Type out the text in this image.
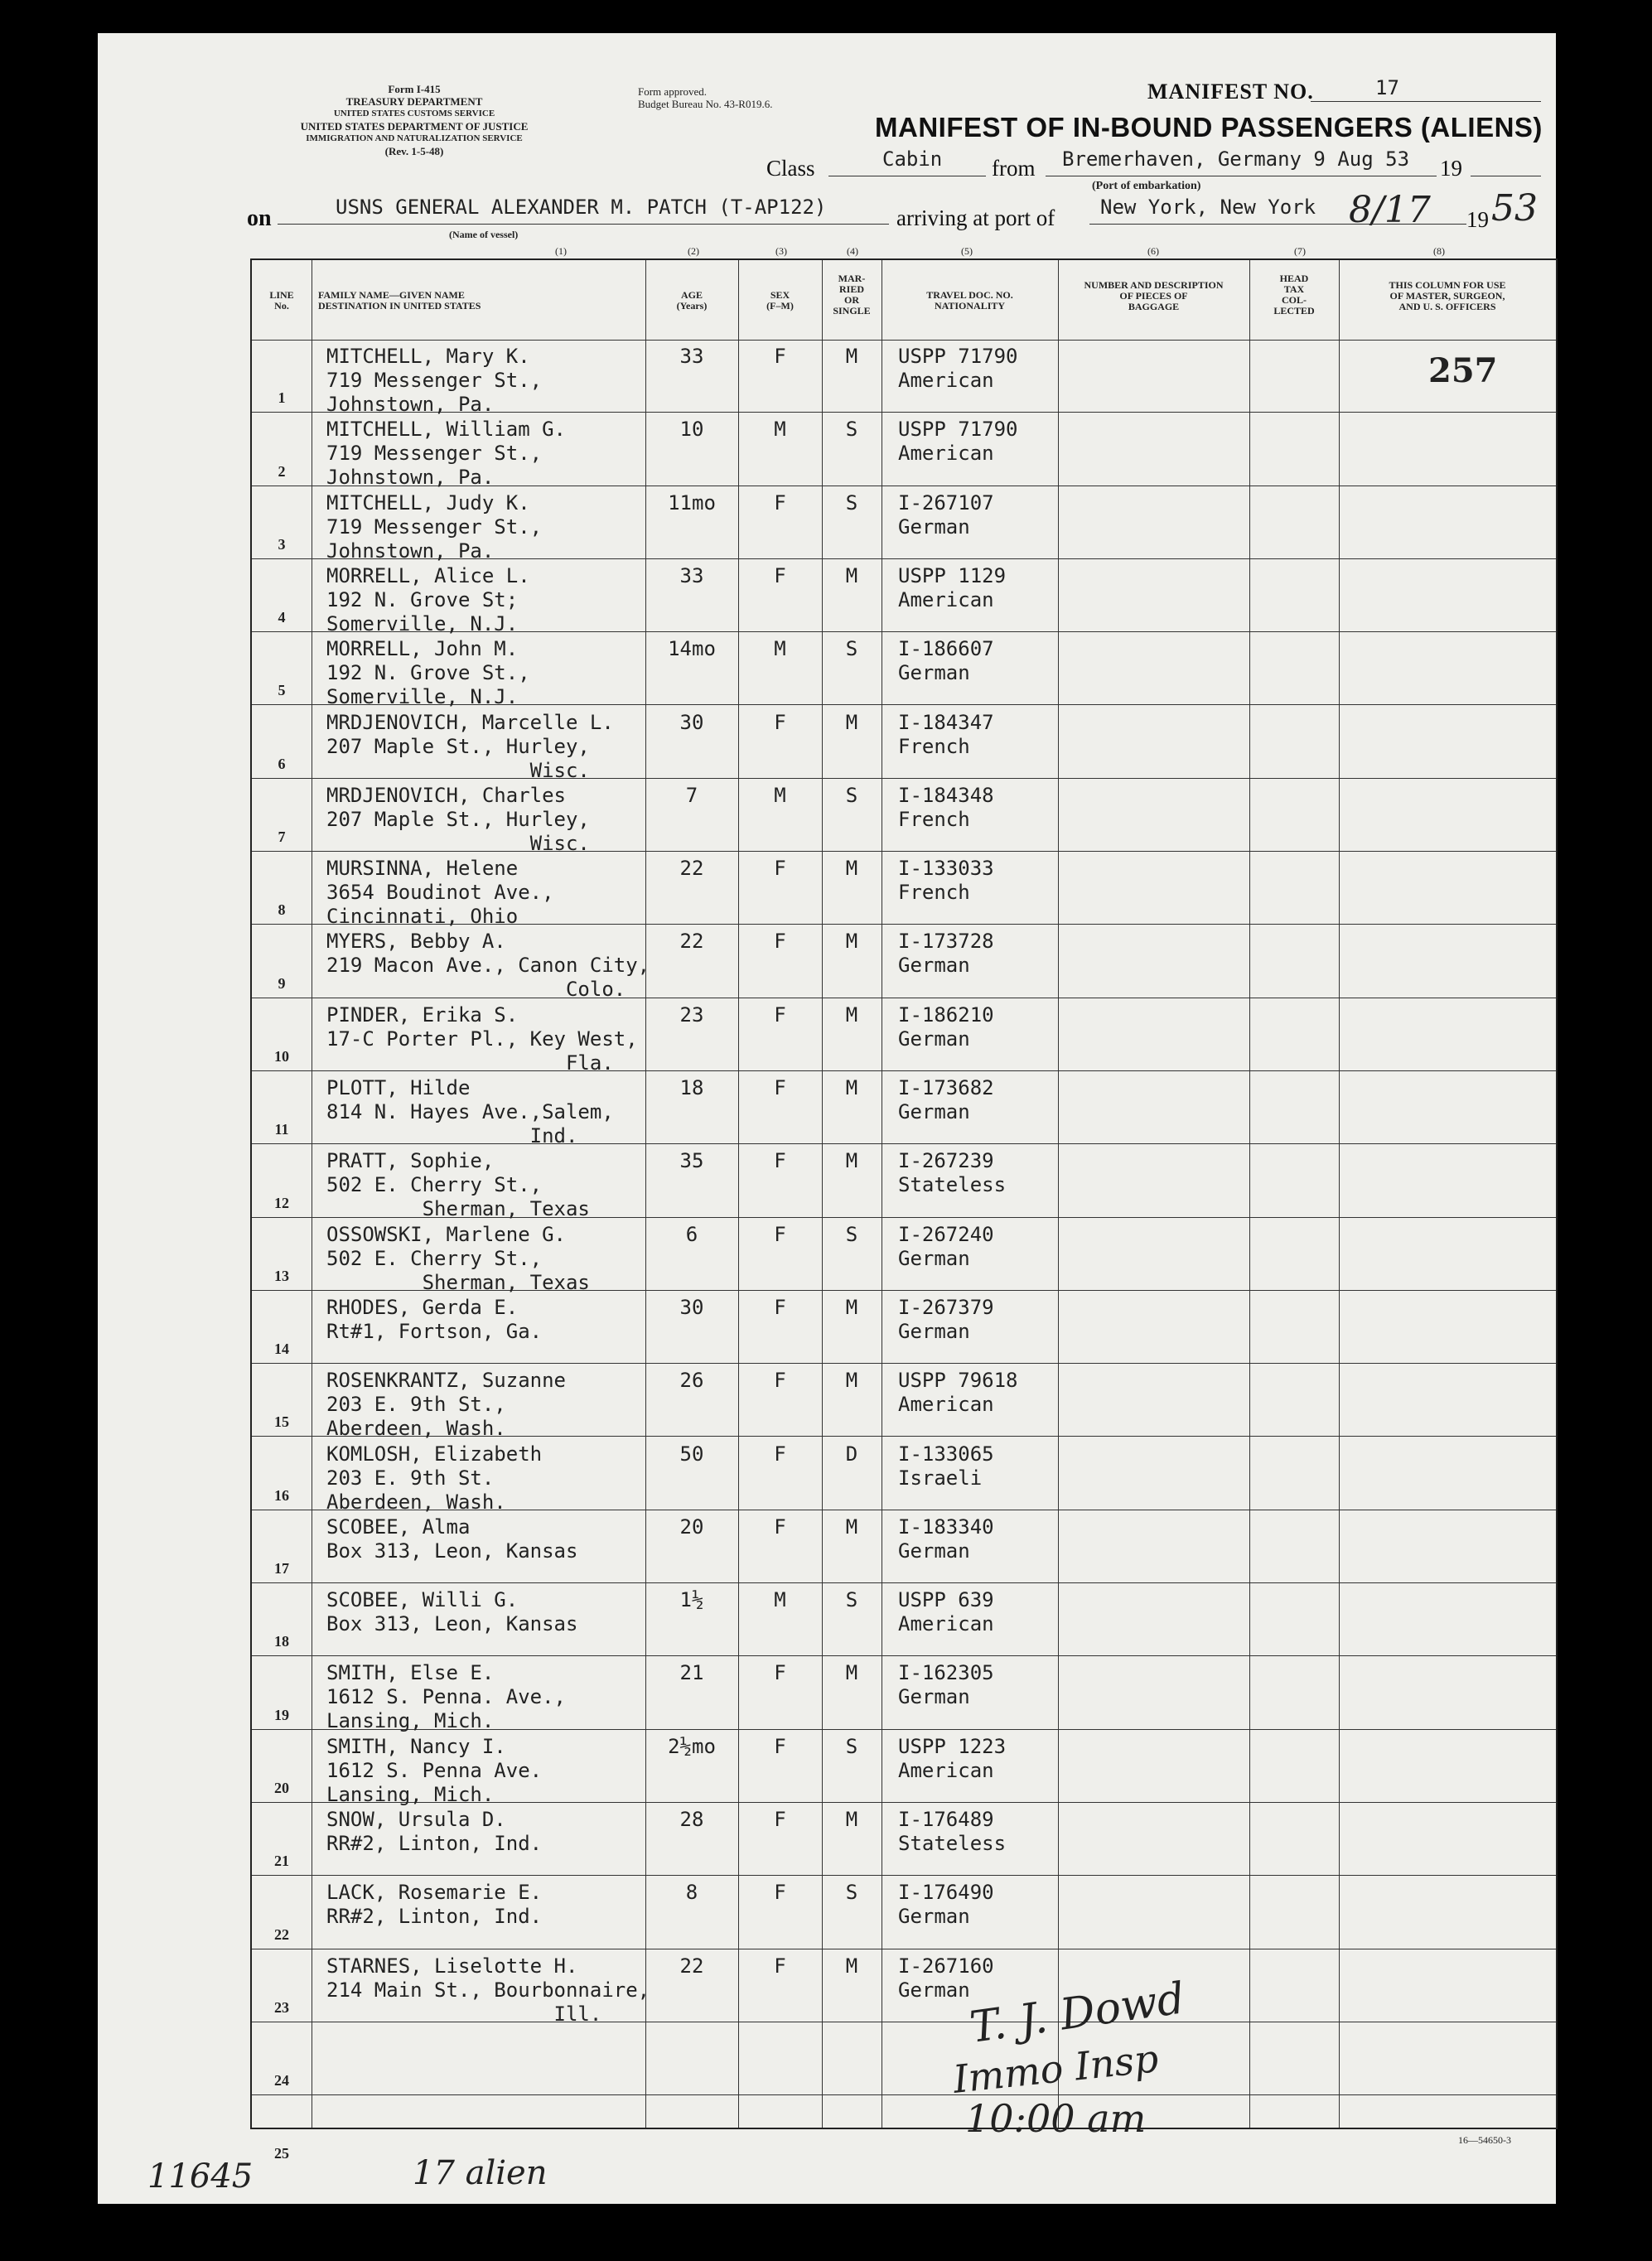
Form I-415
TREASURY DEPARTMENT
UNITED STATES CUSTOMS SERVICE
UNITED STATES DEPARTMENT OF JUSTICE
IMMIGRATION AND NATURALIZATION SERVICE
(Rev. 1-5-48)
Form approved.
Budget Bureau No. 43-R019.6.
MANIFEST NO.	17
MANIFEST OF IN-BOUND PASSENGERS (ALIENS)
Class	Cabin from Bremerhaven, Germany 9 Aug 53 19
(Port of embarkation)
on	USNS GENERAL ALEXANDER M. PATCH (T-AP122)
(Name of vessel)
arriving at port of New York, New York 8/17 19 53
(1)	(2)	(3)	(4)	(5)	(6)	(7)	(8)
LINE
No.
FAMILY NAME—GIVEN NAME
DESTINATION IN UNITED STATES
AGE
(Years)
SEX
(F–M)
MAR-
RIED
OR
SINGLE
TRAVEL DOC. NO.
NATIONALITY
NUMBER AND DESCRIPTION
OF PIECES OF
BAGGAGE
HEAD
TAX
COL-
LECTED
THIS COLUMN FOR USE
OF MASTER, SURGEON,
AND U. S. OFFICERS
1
MITCHELL, Mary K.
719 Messenger St.,
Johnstown, Pa.
33	F	M	USPP 71790
American
2
MITCHELL, William G.
719 Messenger St.,
Johnstown, Pa.
10	M	S	USPP 71790
American
3
MITCHELL, Judy K.
719 Messenger St.,
Johnstown, Pa.
11mo	F	S	I-267107
German
4
MORRELL, Alice L.
192 N. Grove St;
Somerville, N.J.
33	F	M	USPP 1129
American
5
MORRELL, John M.
192 N. Grove St.,
Somerville, N.J.
14mo	M	S	I-186607
German
6
MRDJENOVICH, Marcelle L.
207 Maple St., Hurley,
Wisc.
30	F	M	I-184347
French
7
MRDJENOVICH, Charles
207 Maple St., Hurley,
Wisc.
7	M	S	I-184348
French
8
MURSINNA, Helene
3654 Boudinot Ave.,
Cincinnati, Ohio
22	F	M	I-133033
French
9
MYERS, Bebby A.
219 Macon Ave., Canon City,
Colo.
22	F	M	I-173728
German
10
PINDER, Erika S.
17-C Porter Pl., Key West,
Fla.
23	F	M	I-186210
German
11
PLOTT, Hilde
814 N. Hayes Ave.,Salem,
Ind.
18	F	M	I-173682
German
12
PRATT, Sophie,
502 E. Cherry St.,
Sherman, Texas
35	F	M	I-267239
Stateless
13
OSSOWSKI, Marlene G.
502 E. Cherry St.,
Sherman, Texas
6	F	S	I-267240
German
14
RHODES, Gerda E.
Rt#1, Fortson, Ga.
30	F	M	I-267379
German
15
ROSENKRANTZ, Suzanne
203 E. 9th St.,
Aberdeen, Wash.
26	F	M	USPP 79618
American
16
KOMLOSH, Elizabeth
203 E. 9th St.
Aberdeen, Wash.
50	F	D	I-133065
Israeli
17
SCOBEE, Alma
Box 313, Leon, Kansas
20	F	M	I-183340
German
18
SCOBEE, Willi G.
Box 313, Leon, Kansas
1½	M	S	USPP 639
American
19
SMITH, Else E.
1612 S. Penna. Ave.,
Lansing, Mich.
21	F	M	I-162305
German
20
SMITH, Nancy I.
1612 S. Penna Ave.
Lansing, Mich.
2½mo	F	S	USPP 1223
American
21
SNOW, Ursula D.
RR#2, Linton, Ind.
28	F	M	I-176489
Stateless
22
LACK, Rosemarie E.
RR#2, Linton, Ind.
8	F	S	I-176490
German
23
STARNES, Liselotte H.
214 Main St., Bourbonnaire,
Ill.
22	F	M	I-267160
German
24
25
257
T. J. Dowd
Immo Insp
10:00 am
11645	17 alien
16—54650-3
